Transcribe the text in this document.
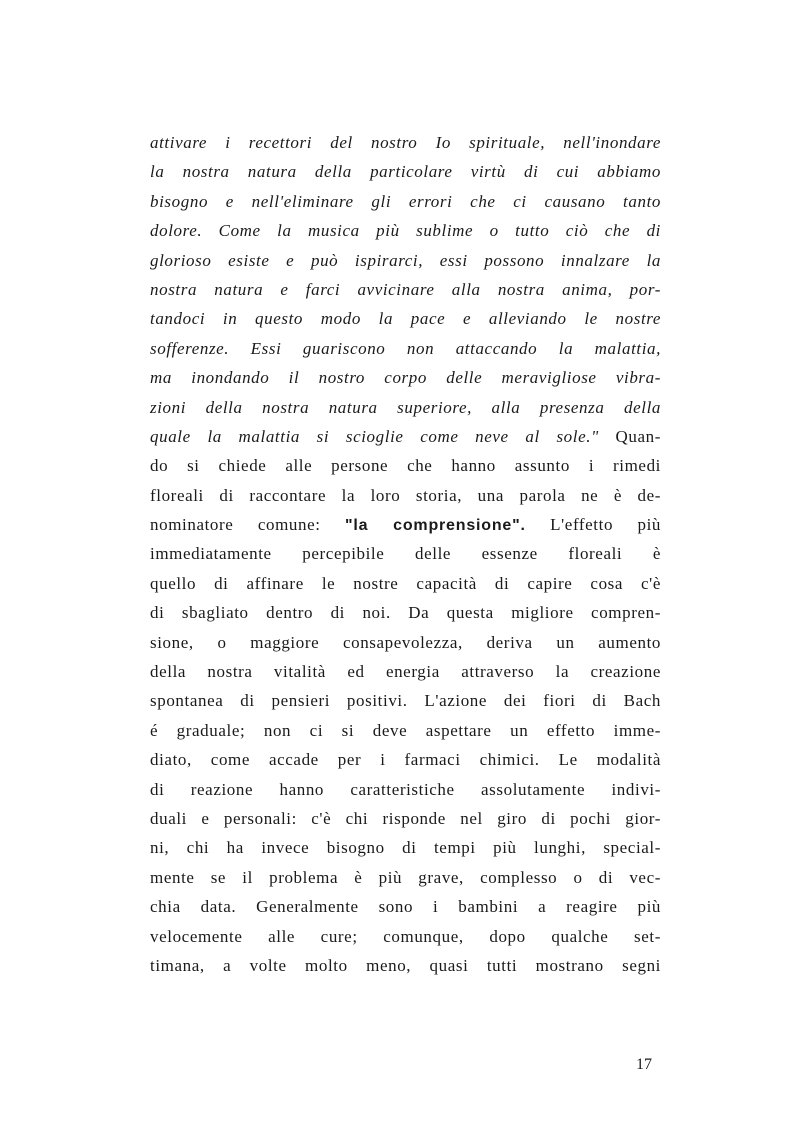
attivare i recettori del nostro Io spirituale, nell'inondare
la nostra natura della particolare virtù di cui abbiamo
bisogno e nell'eliminare gli errori che ci causano tanto
dolore. Come la musica più sublime o tutto ciò che di
glorioso esiste e può ispirarci, essi possono innalzare la
nostra natura e farci avvicinare alla nostra anima, por-
tandoci in questo modo la pace e alleviando le nostre
sofferenze. Essi guariscono non attaccando la malattia,
ma inondando il nostro corpo delle meravigliose vibra-
zioni della nostra natura superiore, alla presenza della
quale la malattia si scioglie come neve al sole." Quan-
do si chiede alle persone che hanno assunto i rimedi
floreali di raccontare la loro storia, una parola ne è de-
nominatore comune: "la comprensione". L'effetto più
immediatamente percepibile delle essenze floreali è
quello di affinare le nostre capacità di capire cosa c'è
di sbagliato dentro di noi. Da questa migliore compren-
sione, o maggiore consapevolezza, deriva un aumento
della nostra vitalità ed energia attraverso la creazione
spontanea di pensieri positivi. L'azione dei fiori di Bach
é graduale; non ci si deve aspettare un effetto imme-
diato, come accade per i farmaci chimici. Le modalità
di reazione hanno caratteristiche assolutamente indivi-
duali e personali: c'è chi risponde nel giro di pochi gior-
ni, chi ha invece bisogno di tempi più lunghi, special-
mente se il problema è più grave, complesso o di vec-
chia data. Generalmente sono i bambini a reagire più
velocemente alle cure; comunque, dopo qualche set-
timana, a volte molto meno, quasi tutti mostrano segni
17
